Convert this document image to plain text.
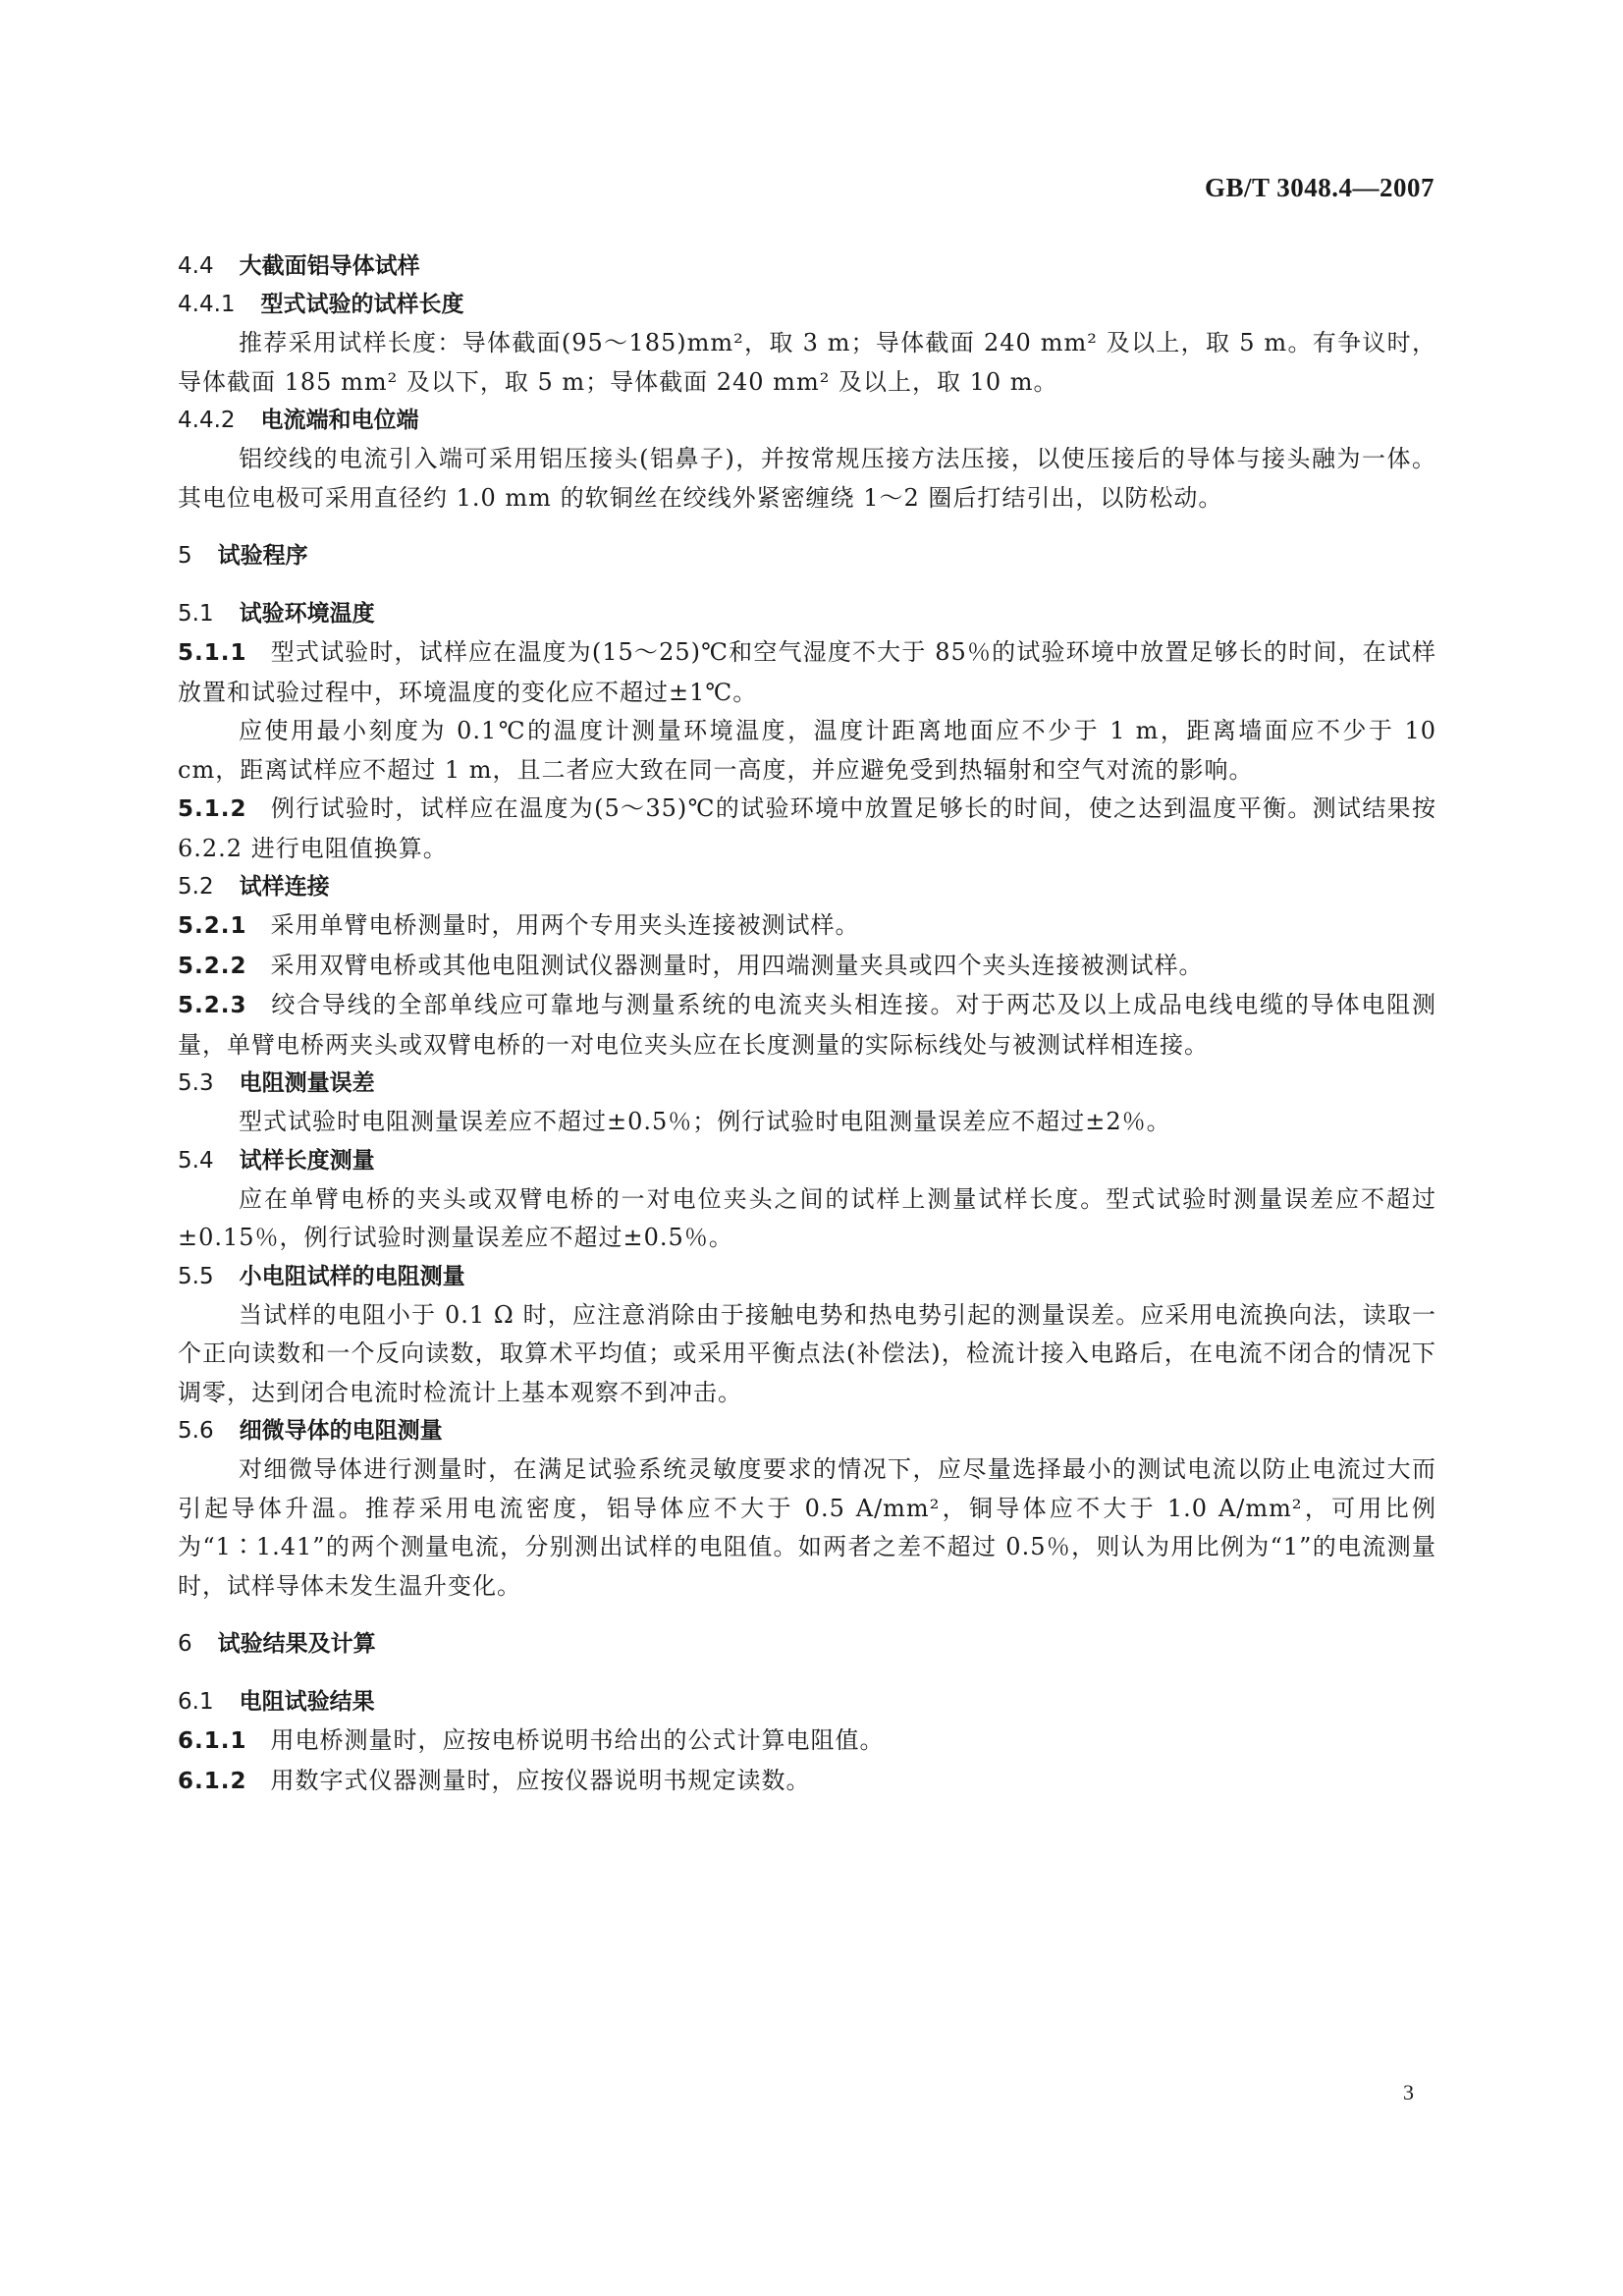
GB/T 3048.4—2007
4.4 大截面铝导体试样
4.4.1 型式试验的试样长度
推荐采用试样长度：导体截面(95～185)mm²，取 3 m；导体截面 240 mm² 及以上，取 5 m。有争议时，导体截面 185 mm² 及以下，取 5 m；导体截面 240 mm² 及以上，取 10 m。
4.4.2 电流端和电位端
铝绞线的电流引入端可采用铝压接头(铝鼻子)，并按常规压接方法压接，以使压接后的导体与接头融为一体。其电位电极可采用直径约 1.0 mm 的软铜丝在绞线外紧密缠绕 1～2 圈后打结引出，以防松动。
5 试验程序
5.1 试验环境温度
5.1.1 型式试验时，试样应在温度为(15～25)℃和空气湿度不大于 85％的试验环境中放置足够长的时间，在试样放置和试验过程中，环境温度的变化应不超过±1℃。
应使用最小刻度为 0.1℃的温度计测量环境温度，温度计距离地面应不少于 1 m，距离墙面应不少于 10 cm，距离试样应不超过 1 m，且二者应大致在同一高度，并应避免受到热辐射和空气对流的影响。
5.1.2 例行试验时，试样应在温度为(5～35)℃的试验环境中放置足够长的时间，使之达到温度平衡。测试结果按 6.2.2 进行电阻值换算。
5.2 试样连接
5.2.1 采用单臂电桥测量时，用两个专用夹头连接被测试样。
5.2.2 采用双臂电桥或其他电阻测试仪器测量时，用四端测量夹具或四个夹头连接被测试样。
5.2.3 绞合导线的全部单线应可靠地与测量系统的电流夹头相连接。对于两芯及以上成品电线电缆的导体电阻测量，单臂电桥两夹头或双臂电桥的一对电位夹头应在长度测量的实际标线处与被测试样相连接。
5.3 电阻测量误差
型式试验时电阻测量误差应不超过±0.5％；例行试验时电阻测量误差应不超过±2％。
5.4 试样长度测量
应在单臂电桥的夹头或双臂电桥的一对电位夹头之间的试样上测量试样长度。型式试验时测量误差应不超过±0.15％，例行试验时测量误差应不超过±0.5％。
5.5 小电阻试样的电阻测量
当试样的电阻小于 0.1 Ω 时，应注意消除由于接触电势和热电势引起的测量误差。应采用电流换向法，读取一个正向读数和一个反向读数，取算术平均值；或采用平衡点法(补偿法)，检流计接入电路后，在电流不闭合的情况下调零，达到闭合电流时检流计上基本观察不到冲击。
5.6 细微导体的电阻测量
对细微导体进行测量时，在满足试验系统灵敏度要求的情况下，应尽量选择最小的测试电流以防止电流过大而引起导体升温。推荐采用电流密度，铝导体应不大于 0.5 A/mm²，铜导体应不大于 1.0 A/mm²，可用比例为“1∶1.41”的两个测量电流，分别测出试样的电阻值。如两者之差不超过 0.5％，则认为用比例为“1”的电流测量时，试样导体未发生温升变化。
6 试验结果及计算
6.1 电阻试验结果
6.1.1 用电桥测量时，应按电桥说明书给出的公式计算电阻值。
6.1.2 用数字式仪器测量时，应按仪器说明书规定读数。
3
